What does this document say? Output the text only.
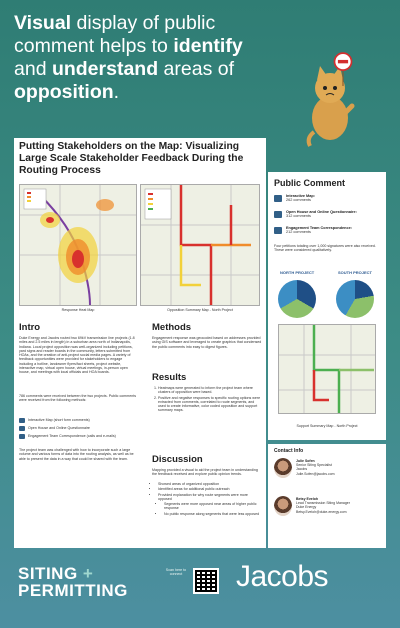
Visual display of public comment helps to identify and understand areas of opposition.
Putting Stakeholders on the Map: Visualizing Large Scale Stakeholder Feedback During the Routing Process
Response Heat Map	Opposition Summary Map - North Project
Intro
Duke Energy and Jacobs routed two 69kV transmission line projects (1.8 miles and 2.5 miles in length) in a suburban area north of Indianapolis, Indiana. Local project opposition was well-organized including petitions, yard signs and reader boards in the community, letters submitted from HOAs, and the creation of anti-project social media pages. A variety of feedback opportunities were provided for stakeholders to engage including a hotline, landowner flyers/fact sheets, project website, interactive map, virtual open house, virtual meetings, in-person open house, and meetings with local officials and HOA boards.
786 comments were received between the two projects. Public comments were received from the following methods:
Interactive Map (short form comments)
Open House and Online Questionnaire
Engagement Team Correspondence (calls and e-mails)
The project team was challenged with how to incorporate such a large volume and various forms of data into the routing analysis, as well as be able to present the data in a way that could be shared with the team.
Methods
Engagement response was geocoded based on addresses provided using GIS software and leveraged to create graphics that condensed the public comments into easy to digest figures.
Results
1. Heatmaps were generated to inform the project team where clusters of opposition were based.
2. Positive and negative responses to specific routing options were extracted from comments, correlated to route segments, and used to create informative, color coded opposition and support summary maps.
Discussion
Mapping provided a visual to aid the project team in understanding the feedback received and explore public opinion trends.
• Showed areas of organized opposition
• Identified areas for additional public outreach
• Provided explanation for why route segments were more opposed
• Segments were more opposed near areas of higher public response
• No public response along segments that were less opposed
Public Comment
Interactive Map:
262 comments
Open House and Online Questionnaire:
312 comments
Engagement Team Correspondence:
212 comments
Four petitions totaling over 1,000 signatures were also received. These were considered qualitatively.
NORTH PROJECT	SOUTH PROJECT
Support Summary Map - North Project
Contact Info
Julie Sofen
Senior Siting Specialist
Jacobs
Julie.Sofen@jacobs.com
Betsy Eveloh
Lead Transmission Siting Manager
Duke Energy
Betsy.Eveloh@duke-energy.com
SITING +
PERMITTING
Scan here to connect	Jacobs
